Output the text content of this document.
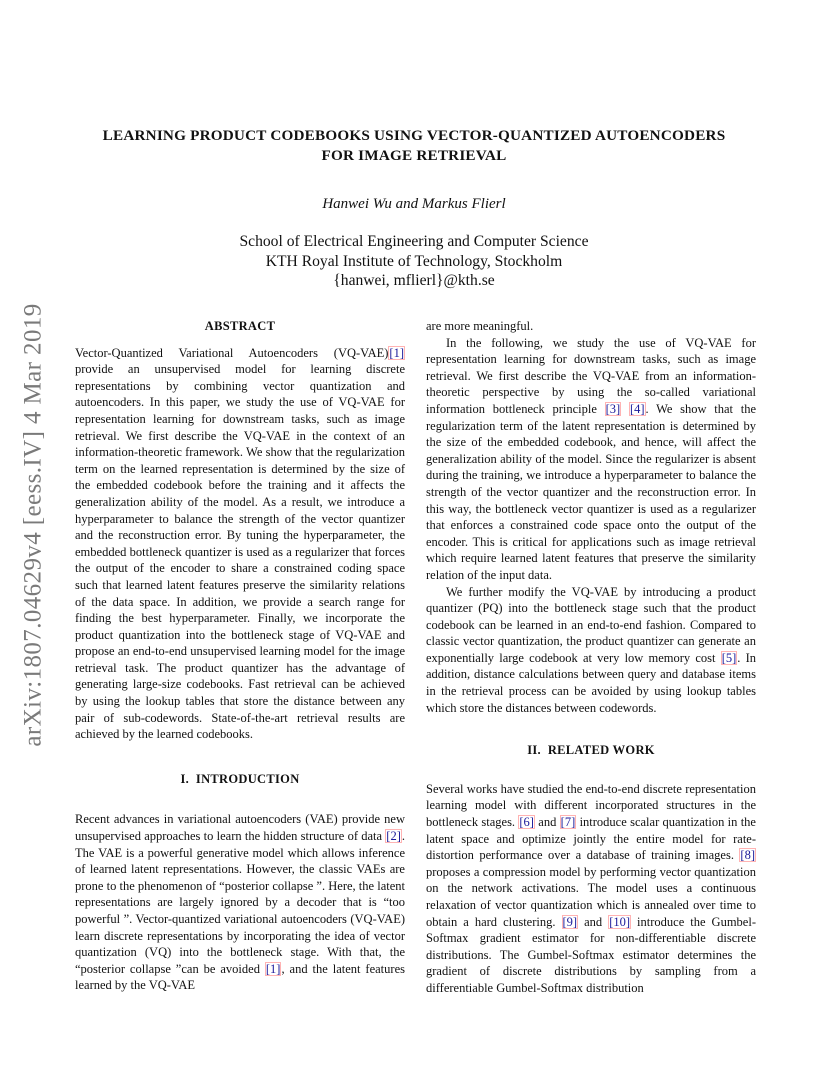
arXiv:1807.04629v4 [eess.IV] 4 Mar 2019

LEARNING PRODUCT CODEBOOKS USING VECTOR-QUANTIZED AUTOENCODERS
FOR IMAGE RETRIEVAL

Hanwei Wu and Markus Flierl
School of Electrical Engineering and Computer Science
KTH Royal Institute of Technology, Stockholm
{hanwei, mflierl}@kth.se
ABSTRACT

Vector-Quantized Variational Autoencoders (VQ-VAE)[1] provide an unsupervised model for learning discrete representations by combining vector quantization and autoencoders. In this paper, we study the use of VQ-VAE for representation learning for downstream tasks, such as image retrieval. We first describe the VQ-VAE in the context of an information-theoretic framework. We show that the regularization term on the learned representation is determined by the size of the embedded codebook before the training and it affects the generalization ability of the model. As a result, we introduce a hyperparameter to balance the strength of the vector quantizer and the reconstruction error. By tuning the hyperparameter, the embedded bottleneck quantizer is used as a regularizer that forces the output of the encoder to share a constrained coding space such that learned latent features preserve the similarity relations of the data space. In addition, we provide a search range for finding the best hyperparameter. Finally, we incorporate the product quantization into the bottleneck stage of VQ-VAE and propose an end-to-end unsupervised learning model for the image retrieval task. The product quantizer has the advantage of generating large-size codebooks. Fast retrieval can be achieved by using the lookup tables that store the distance between any pair of sub-codewords. State-of-the-art retrieval results are achieved by the learned codebooks.

I. INTRODUCTION

Recent advances in variational autoencoders (VAE) provide new unsupervised approaches to learn the hidden structure of data [2]. The VAE is a powerful generative model which allows inference of learned latent representations. However, the classic VAEs are prone to the phenomenon of “posterior collapse ”. Here, the latent representations are largely ignored by a decoder that is “too powerful ”. Vector-quantized variational autoencoders (VQ-VAE) learn discrete representations by incorporating the idea of vector quantization (VQ) into the bottleneck stage. With that, the “posterior collapse ”can be avoided [1], and the latent features learned by the VQ-VAE

are more meaningful.

In the following, we study the use of VQ-VAE for representation learning for downstream tasks, such as image retrieval. We first describe the VQ-VAE from an information-theoretic perspective by using the so-called variational information bottleneck principle [3] [4]. We show that the regularization term of the latent representation is determined by the size of the embedded codebook, and hence, will affect the generalization ability of the model. Since the regularizer is absent during the training, we introduce a hyperparameter to balance the strength of the vector quantizer and the reconstruction error. In this way, the bottleneck vector quantizer is used as a regularizer that enforces a constrained code space onto the output of the encoder. This is critical for applications such as image retrieval which require learned latent features that preserve the similarity relation of the input data.

We further modify the VQ-VAE by introducing a product quantizer (PQ) into the bottleneck stage such that the product codebook can be learned in an end-to-end fashion. Compared to classic vector quantization, the product quantizer can generate an exponentially large codebook at very low memory cost [5]. In addition, distance calculations between query and database items in the retrieval process can be avoided by using lookup tables which store the distances between codewords.

II. RELATED WORK

Several works have studied the end-to-end discrete representation learning model with different incorporated structures in the bottleneck stages. [6] and [7] introduce scalar quantization in the latent space and optimize jointly the entire model for rate-distortion performance over a database of training images. [8] proposes a compression model by performing vector quantization on the network activations. The model uses a continuous relaxation of vector quantization which is annealed over time to obtain a hard clustering. [9] and [10] introduce the Gumbel-Softmax gradient estimator for non-differentiable discrete distributions. The Gumbel-Softmax estimator determines the gradient of discrete distributions by sampling from a differentiable Gumbel-Softmax distribution
